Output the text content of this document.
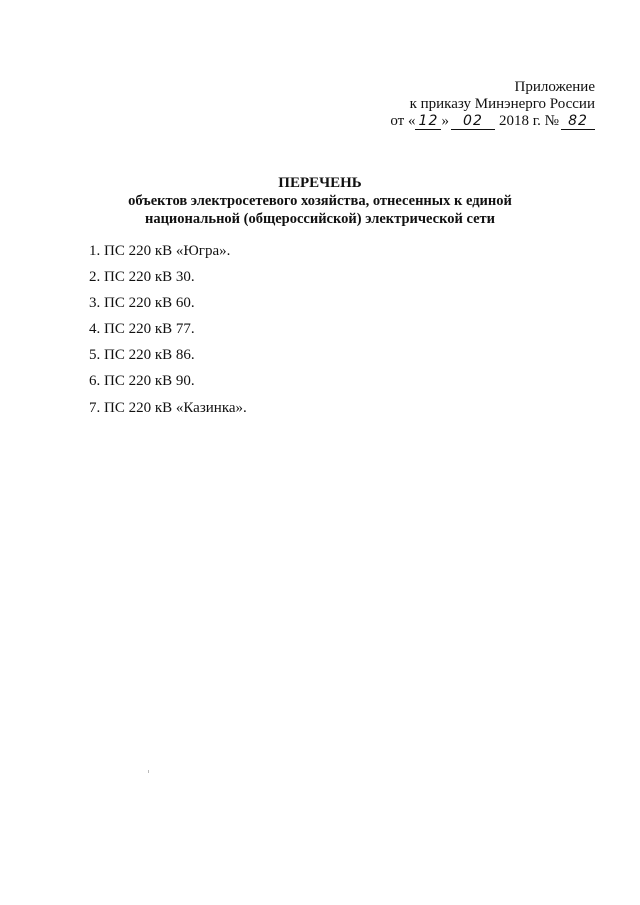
Приложение
к приказу Минэнерго России
от « 12 » 02 2018 г. № 82
ПЕРЕЧЕНЬ
объектов электросетевого хозяйства, отнесенных к единой
национальной (общероссийской) электрической сети
1. ПС 220 кВ «Югра».
2. ПС 220 кВ 30.
3. ПС 220 кВ 60.
4. ПС 220 кВ 77.
5. ПС 220 кВ 86.
6. ПС 220 кВ 90.
7. ПС 220 кВ «Казинка».
